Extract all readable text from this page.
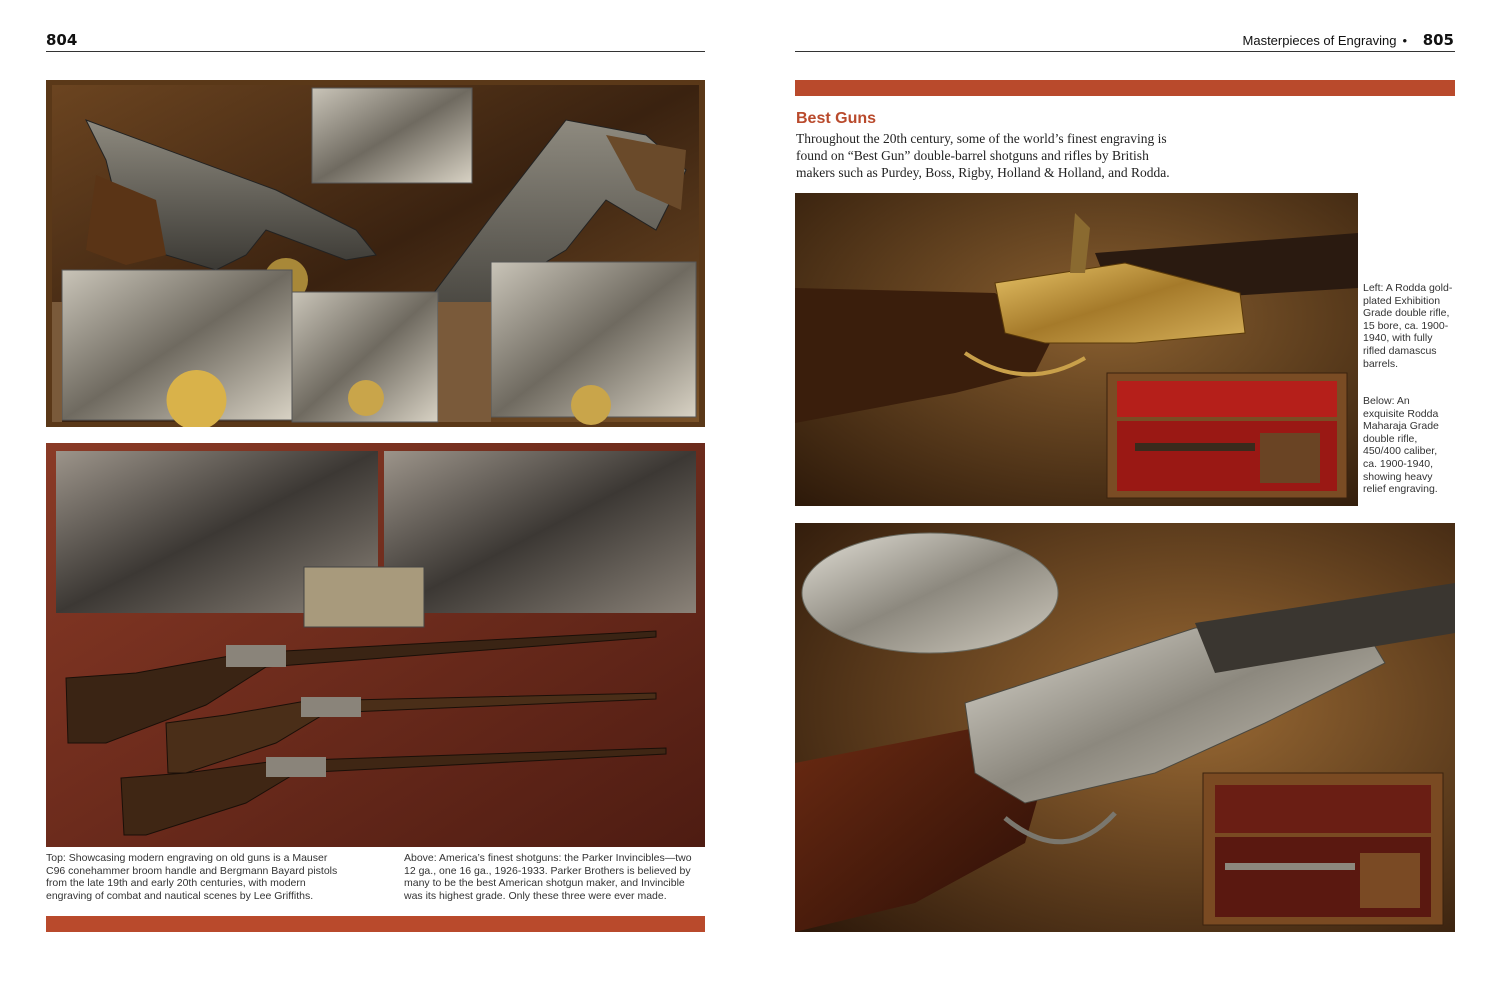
804	Masterpieces of Engraving •	805
Top: Showcasing modern engraving on old guns is a Mauser C96 conehammer broom handle and Bergmann Bayard pistols from the late 19th and early 20th centuries, with modern engraving of combat and nautical scenes by Lee Griffiths.
Above: America’s finest shotguns: the Parker Invincibles—two 12 ga., one 16 ga., 1926-1933. Parker Brothers is believed by many to be the best American shotgun maker, and Invincible was its highest grade. Only these three were ever made.
Best Guns
Throughout the 20th century, some of the world’s finest engraving is found on “Best Gun” double-barrel shotguns and rifles by British makers such as Purdey, Boss, Rigby, Holland & Holland, and Rodda.
Left: A Rodda gold-plated Exhibition Grade double rifle, 15 bore, ca. 1900-1940, with fully rifled damascus barrels.
Below: An exquisite Rodda Maharaja Grade double rifle, 450/400 caliber, ca. 1900-1940, showing heavy relief engraving.
